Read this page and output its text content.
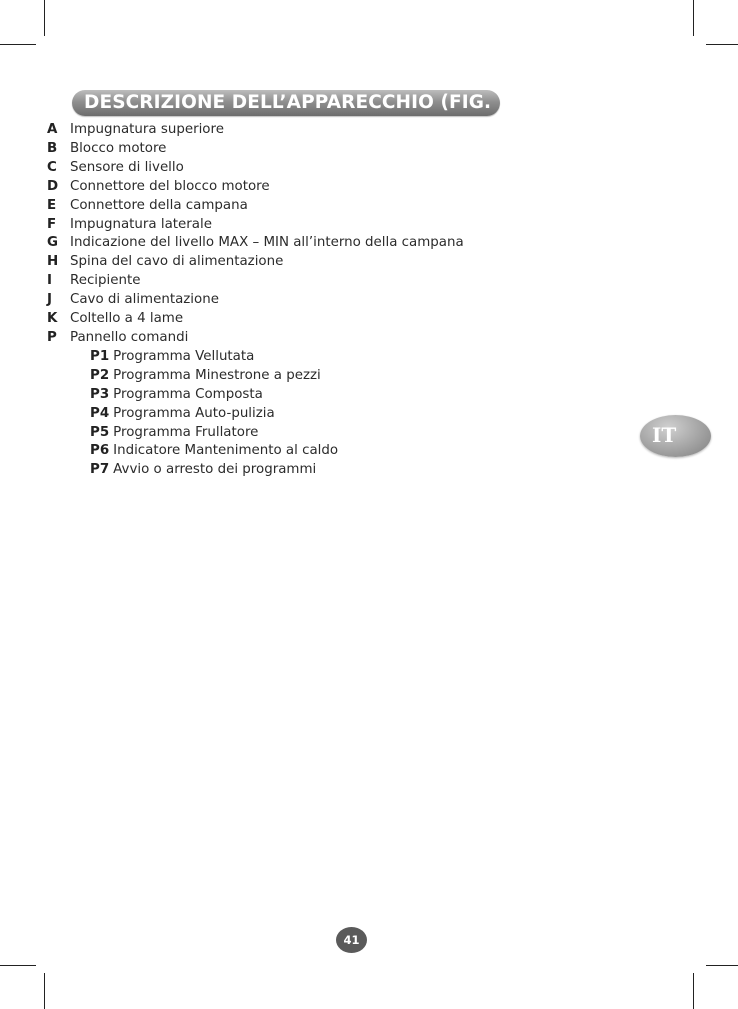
DESCRIZIONE DELL’APPARECCHIO (FIG. 1)
A Impugnatura superiore
B Blocco motore
C Sensore di livello
D Connettore del blocco motore
E	Connettore della campana
F	Impugnatura laterale
G Indicazione del livello MAX – MIN all’interno della campana
H Spina del cavo di alimentazione
I	Recipiente
J	Cavo di alimentazione
K Coltello a 4 lame
P Pannello comandi
P1 Programma Vellutata
P2 Programma Minestrone a pezzi
P3 Programma Composta
P4 Programma Auto-pulizia
P5 Programma Frullatore
P6 Indicatore Mantenimento al caldo
P7 Avvio o arresto dei programmi
IT
41
